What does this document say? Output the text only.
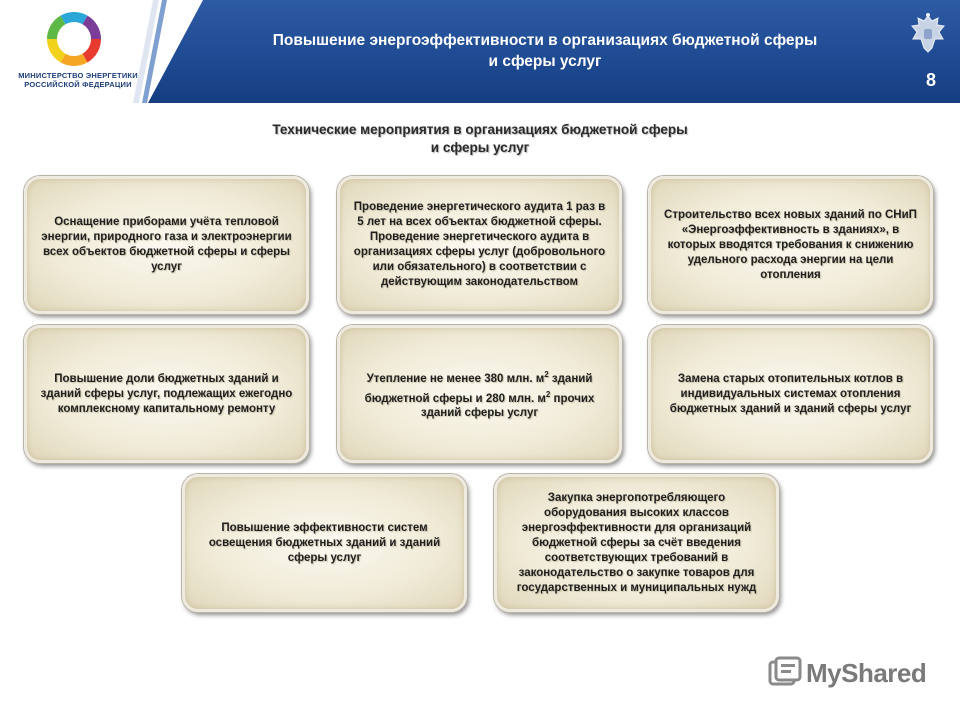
МИНИСТЕРСТВО ЭНЕРГЕТИКИ
РОССИЙСКОЙ ФЕДЕРАЦИИ
Повышение энергоэффективности в организациях бюджетной сферы
и сферы услуг
8
Технические мероприятия в организациях бюджетной сферы
и сферы услуг
Оснащение приборами учёта тепловой энергии, природного газа и электроэнергии всех объектов бюджетной сферы и сферы услуг
Проведение энергетического аудита 1 раз в 5 лет на всех объектах бюджетной сферы.
Проведение энергетического аудита в организациях сферы услуг (добровольного или обязательного) в соответствии с действующим законодательством
Строительство всех новых зданий по СНиП «Энергоэффективность в зданиях», в которых вводятся требования к снижению удельного расхода энергии на цели отопления
Повышение доли бюджетных зданий и зданий сферы услуг, подлежащих ежегодно комплексному капитальному ремонту
Утепление не менее 380 млн. $м^2$ зданий бюджетной сферы и 280 млн. $м^2$ прочих зданий сферы услуг
Замена старых отопительных котлов в индивидуальных системах отопления бюджетных зданий и зданий сферы услуг
Повышение эффективности систем освещения бюджетных зданий и зданий сферы услуг
Закупка энергопотребляющего оборудования высоких классов энергоэффективности для организаций бюджетной сферы за счёт введения соответствующих требований в законодательство о закупке товаров для государственных и муниципальных нужд
MyShared
